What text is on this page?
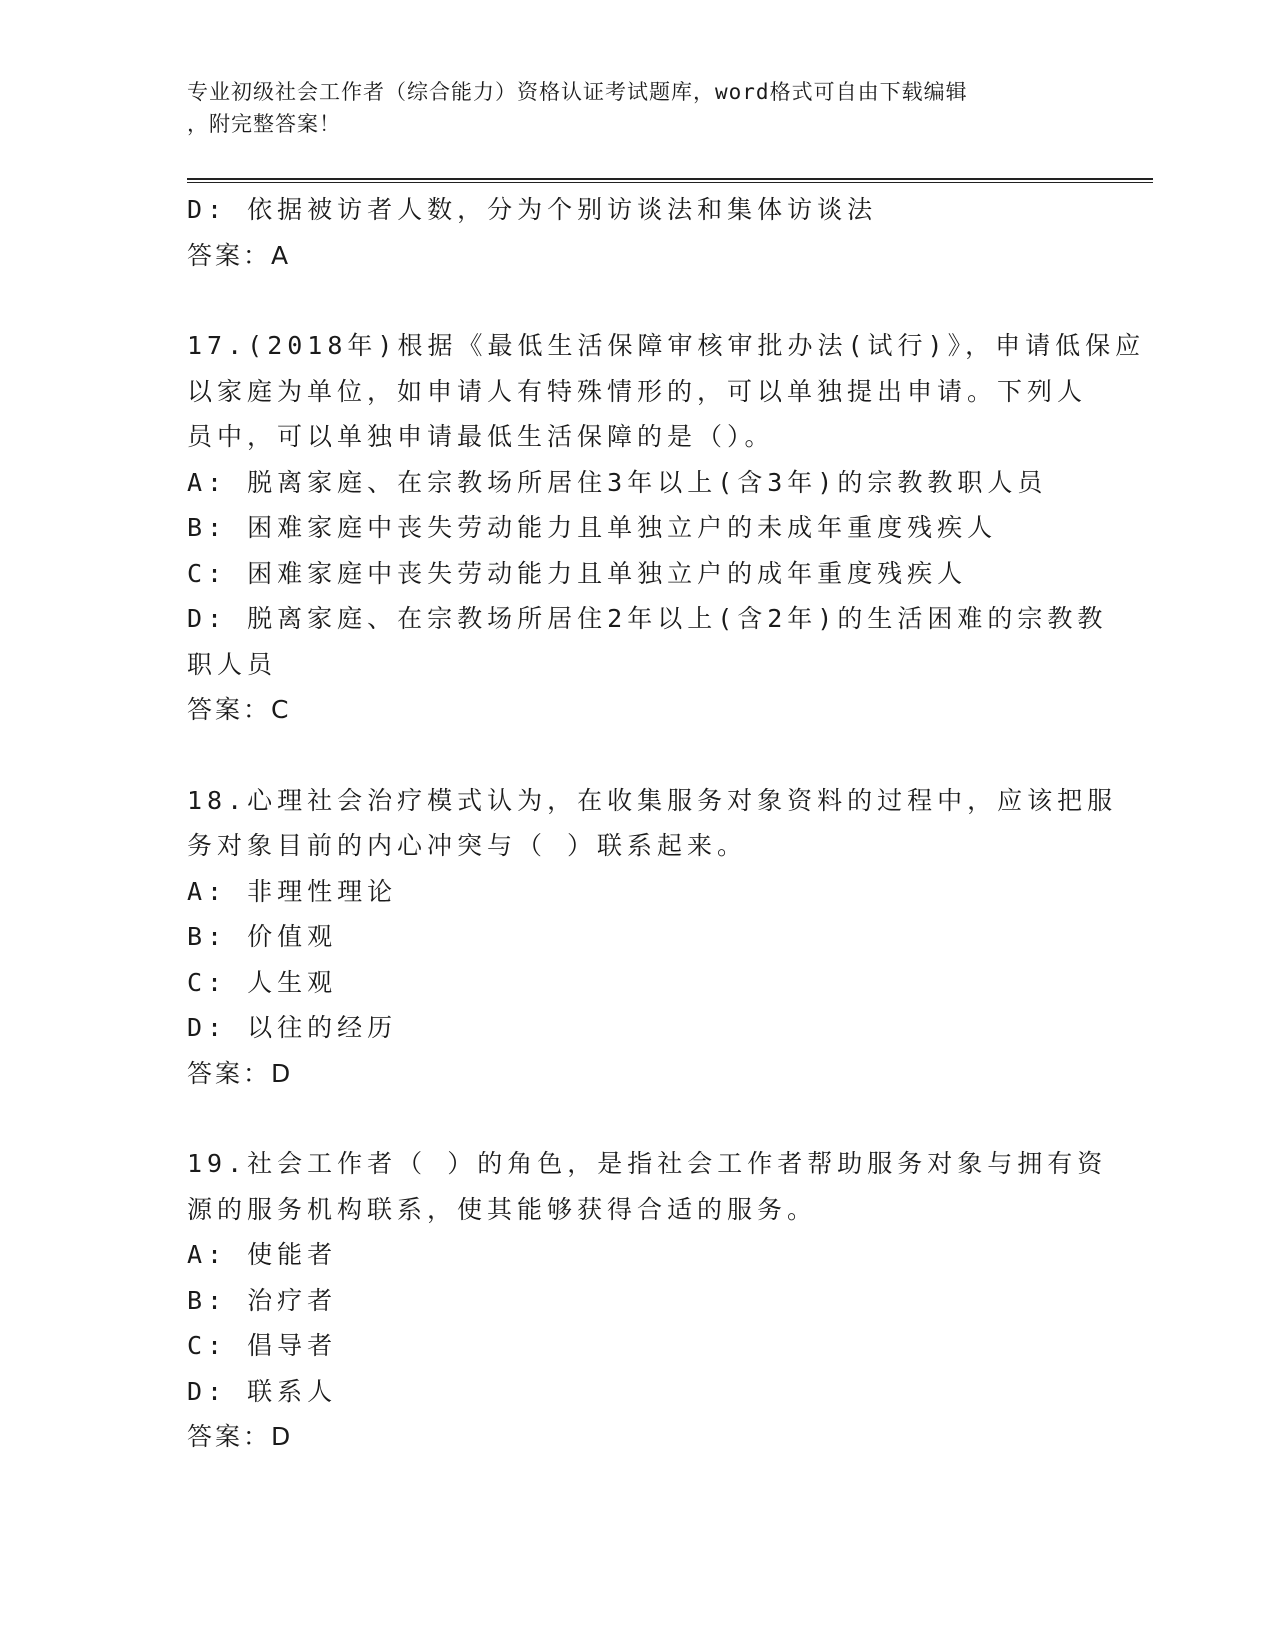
专业初级社会工作者（综合能力）资格认证考试题库，word格式可自由下载编辑
，附完整答案！
D: 依据被访者人数，分为个别访谈法和集体访谈法
答案：A
17.(2018年)根据《最低生活保障审核审批办法(试行)》，申请低保应
以家庭为单位，如申请人有特殊情形的，可以单独提出申请。下列人
员中，可以单独申请最低生活保障的是（）。
A: 脱离家庭、在宗教场所居住3年以上(含3年)的宗教教职人员
B: 困难家庭中丧失劳动能力且单独立户的未成年重度残疾人
C: 困难家庭中丧失劳动能力且单独立户的成年重度残疾人
D: 脱离家庭、在宗教场所居住2年以上(含2年)的生活困难的宗教教
职人员
答案：C
18.心理社会治疗模式认为，在收集服务对象资料的过程中，应该把服
务对象目前的内心冲突与（ ）联系起来。
A: 非理性理论
B: 价值观
C: 人生观
D: 以往的经历
答案：D
19.社会工作者（ ）的角色，是指社会工作者帮助服务对象与拥有资
源的服务机构联系，使其能够获得合适的服务。
A: 使能者
B: 治疗者
C: 倡导者
D: 联系人
答案：D
